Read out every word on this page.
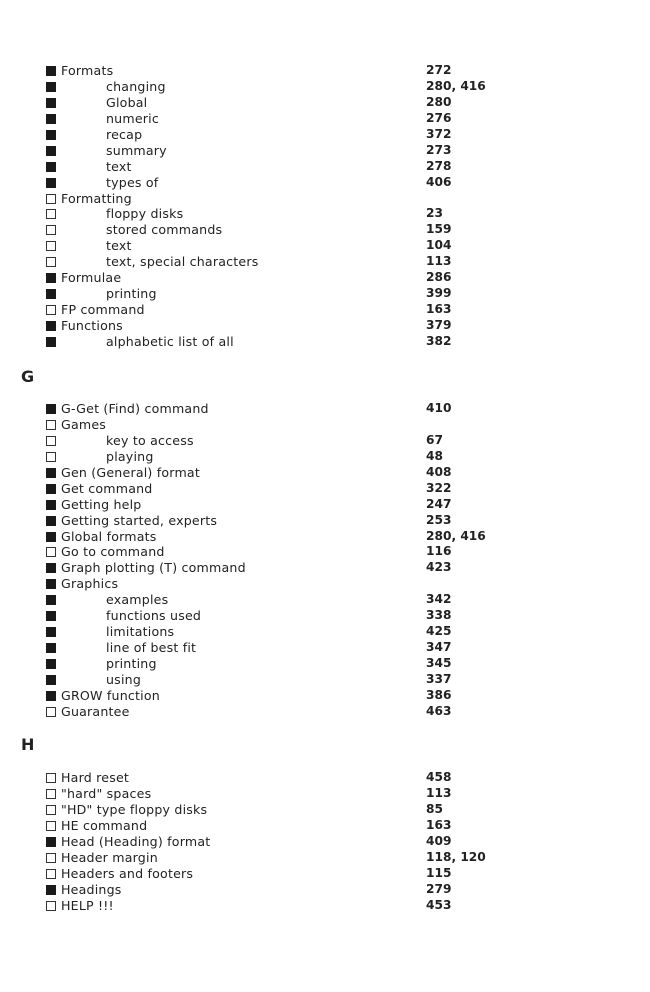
Formats	272
changing	280, 416
Global	280
numeric	276
recap	372
summary	273
text	278
types of	406
Formatting
floppy disks	23
stored commands	159
text	104
text, special characters	113
Formulae	286
printing	399
FP command	163
Functions	379
alphabetic list of all	382
G
G-Get (Find) command	410
Games
key to access	67
playing	48
Gen (General) format	408
Get command	322
Getting help	247
Getting started, experts	253
Global formats	280, 416
Go to command	116
Graph plotting (T) command	423
Graphics
examples	342
functions used	338
limitations	425
line of best fit	347
printing	345
using	337
GROW function	386
Guarantee	463
H
Hard reset	458
"hard" spaces	113
"HD" type floppy disks	85
HE command	163
Head (Heading) format	409
Header margin	118, 120
Headers and footers	115
Headings	279
HELP !!!	453
